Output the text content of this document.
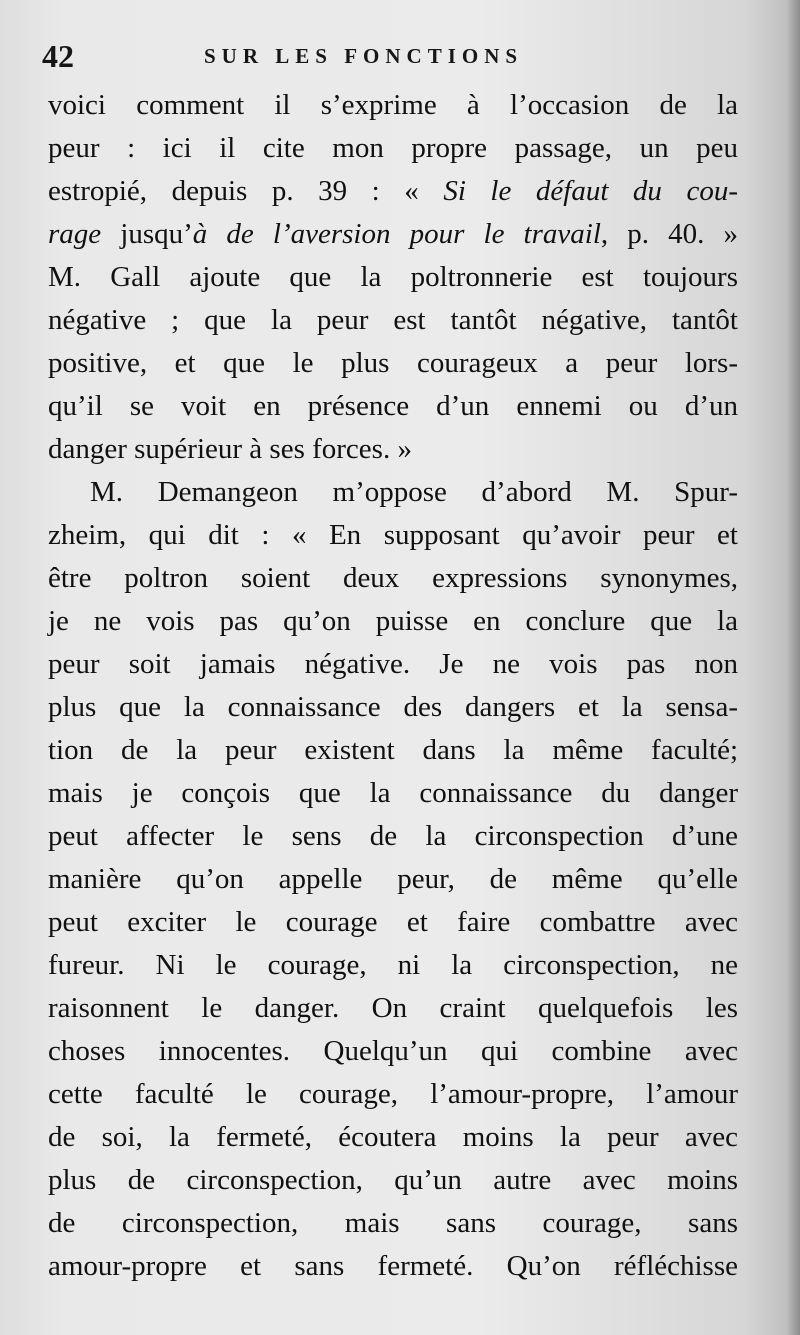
42	SUR LES FONCTIONS
voici comment il s’exprime à l’occasion de la
peur : ici il cite mon propre passage, un peu
estropié, depuis p. 39 : « Si le défaut du cou-
rage jusqu’à de l’aversion pour le travail, p. 40. »
M. Gall ajoute que la poltronnerie est toujours
négative ; que la peur est tantôt négative, tantôt
positive, et que le plus courageux a peur lors-
qu’il se voit en présence d’un ennemi ou d’un
danger supérieur à ses forces. »
M. Demangeon m’oppose d’abord M. Spur-
zheim, qui dit : « En supposant qu’avoir peur et
être poltron soient deux expressions synonymes,
je ne vois pas qu’on puisse en conclure que la
peur soit jamais négative. Je ne vois pas non
plus que la connaissance des dangers et la sensa-
tion de la peur existent dans la même faculté;
mais je conçois que la connaissance du danger
peut affecter le sens de la circonspection d’une
manière qu’on appelle peur, de même qu’elle
peut exciter le courage et faire combattre avec
fureur. Ni le courage, ni la circonspection, ne
raisonnent le danger. On craint quelquefois les
choses innocentes. Quelqu’un qui combine avec
cette faculté le courage, l’amour-propre, l’amour
de soi, la fermeté, écoutera moins la peur avec
plus de circonspection, qu’un autre avec moins
de circonspection, mais sans courage, sans
amour-propre et sans fermeté. Qu’on réfléchisse
